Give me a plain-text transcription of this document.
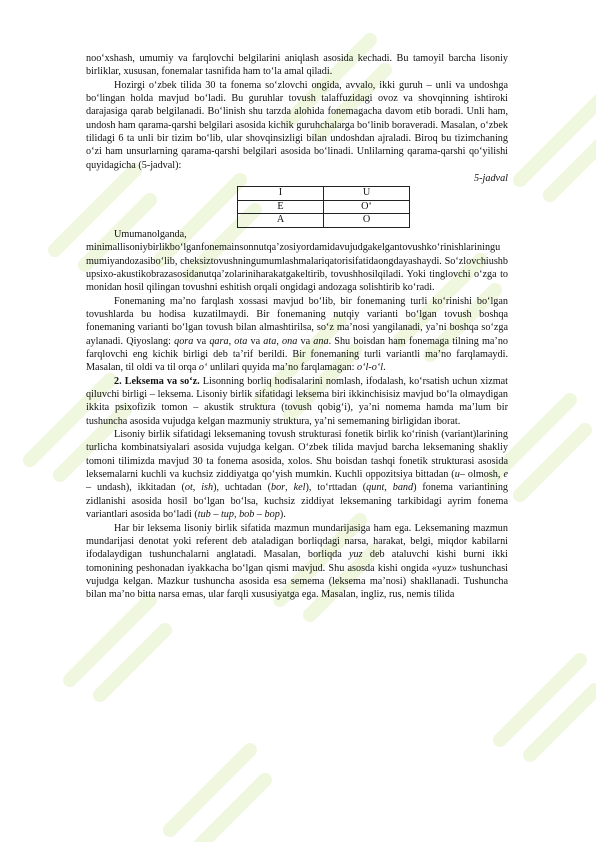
noo‘xshash, umumiy va farqlovchi belgilarini aniqlash asosida kechadi. Bu tamoyil barcha lisoniy birliklar, xususan, fonemalar tasnifida ham to‘la amal qiladi.

Hozirgi o‘zbek tilida 30 ta fonema so‘zlovchi ongida, avvalo, ikki guruh – unli va undoshga bo‘lingan holda mavjud bo‘ladi. Bu guruhlar tovush talaffuzidagi ovoz va shovqinning ishtiroki darajasiga qarab belgilanadi. Bo‘linish shu tarzda alohida fonemagacha davom etib boradi. Unli ham, undosh ham qarama-qarshi belgilari asosida kichik guruhchalarga bo‘linib boraveradi. Masalan, o‘zbek tilidagi 6 ta unli bir tizim bo‘lib, ular shovqinsizligi bilan undoshdan ajraladi. Biroq bu tizimchaning o‘zi ham unsurlarning qarama-qarshi belgilari asosida bo‘linadi. Unlilarning qarama-qarshi qo‘yilishi quyidagicha (5-jadval):

5-jadval

I	U
E	O‘
A	O

Umumanolganda,

minimallisoniybirlikbo‘lganfonemainsonnutqa’zosiyordamidavujudgakelgantovushko‘rinishlariningumumiyandozasibo‘lib, cheksiztovushningumumlashmalariqatorisifatidaongdayashaydi. So‘zlovchiushbupsixo-akustikobrazasosidanutqa’zolariniharakatgakeltirib, tovushhosilqiladi. Yoki tinglovchi o‘zga tomonidan hosil qilingan tovushni eshitish orqali ongidagi andozaga solishtirib ko‘radi.

Fonemaning ma’no farqlash xossasi mavjud bo‘lib, bir fonemaning turli ko‘rinishi bo‘lgan tovushlarda bu hodisa kuzatilmaydi. Bir fonemaning nutqiy varianti bo‘lgan tovush boshqa fonemaning varianti bo‘lgan tovush bilan almashtirilsa, so‘z ma’nosi yangilanadi, ya’ni boshqa so‘zga aylanadi. Qiyoslang: qora va qara, ota va ata, ona va ana. Shu boisdan ham fonemaga tilning ma’no farqlovchi eng kichik birligi deb ta’rif berildi. Bir fonemaning turli variantli ma’no farqlamaydi. Masalan, til oldi va til orqa o‘ unlilari quyida ma’no farqlamagan: o‘l-o‘l.

2. Leksema va so‘z. Lisonning borliq hodisalarini nomlash, ifodalash, ko‘rsatish uchun xizmat qiluvchi birligi – leksema. Lisoniy birlik sifatidagi leksema biri ikkinchisisiz mavjud bo‘la olmaydigan ikkita psixofizik tomon – akustik struktura (tovush qobig‘i), ya’ni nomema hamda ma’lum bir tushuncha asosida vujudga kelgan mazmuniy struktura, ya’ni sememaning birligidan iborat.

Lisoniy birlik sifatidagi leksemaning tovush strukturasi fonetik birlik ko‘rinish (variant)larining turlicha kombinatsiyalari asosida vujudga kelgan. O‘zbek tilida mavjud barcha leksemaning shakliy tomoni tilimizda mavjud 30 ta fonema asosida, xolos. Shu boisdan tashqi fonetik strukturasi asosida leksemalarni kuchli va kuchsiz ziddiyatga qo‘yish mumkin. Kuchli oppozitsiya bittadan (u– olmosh, e – undash), ikkitadan (ot, ish), uchtadan (bor, kel), to‘rttadan (qunt, band) fonema variantining zidlanishi asosida hosil bo‘lgan bo‘lsa, kuchsiz ziddiyat leksemaning tarkibidagi ayrim fonema variantlari asosida bo‘ladi (tub – tup, bob – bop).

Har bir leksema lisoniy birlik sifatida mazmun mundarijasiga ham ega. Leksemaning mazmun mundarijasi denotat yoki referent deb ataladigan borliqdagi narsa, harakat, belgi, miqdor kabilarni ifodalaydigan tushunchalarni anglatadi. Masalan, borliqda yuz deb ataluvchi kishi burni ikki tomonining peshonadan iyakkacha bo‘lgan qismi mavjud. Shu asosda kishi ongida «yuz» tushunchasi vujudga kelgan. Mazkur tushuncha asosida esa semema (leksema ma’nosi) shakllanadi. Tushuncha bilan ma’no bitta narsa emas, ular farqli xususiyatga ega. Masalan, ingliz, rus, nemis tilida
